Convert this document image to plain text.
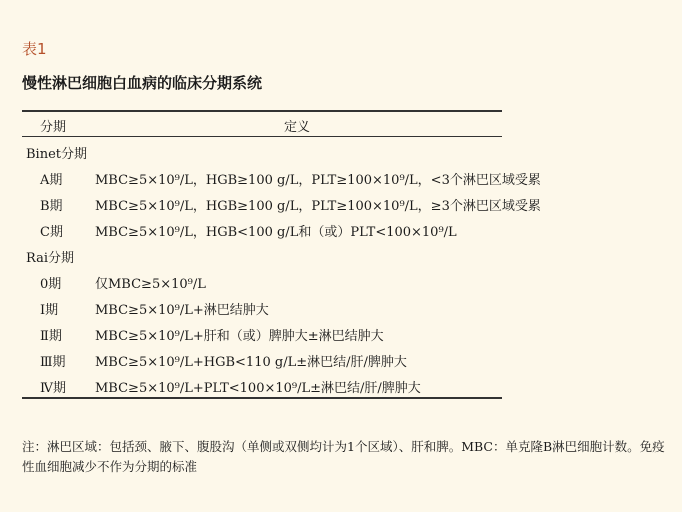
表1
慢性淋巴细胞白血病的临床分期系统
分期	定义
Binet分期
A期	MBC≥5×10⁹/L，HGB≥100 g/L，PLT≥100×10⁹/L，<3个淋巴区域受累
B期 MBC≥5×10⁹/L，HGB≥100 g/L，PLT≥100×10⁹/L，≥3个淋巴区域受累
C期 MBC≥5×10⁹/L，HGB<100 g/L和（或）PLT<100×10⁹/L
Rai分期
0期	仅MBC≥5×10⁹/L
Ⅰ期	MBC≥5×10⁹/L+淋巴结肿大
Ⅱ期	MBC≥5×10⁹/L+肝和（或）脾肿大±淋巴结肿大
Ⅲ期 MBC≥5×10⁹/L+HGB<110 g/L±淋巴结/肝/脾肿大
Ⅳ期 MBC≥5×10⁹/L+PLT<100×10⁹/L±淋巴结/肝/脾肿大
注：淋巴区域：包括颈、腋下、腹股沟（单侧或双侧均计为1个区域）、肝和脾。MBC：单克隆B淋巴细胞计数。免疫性血细胞减少不作为分期的标准
